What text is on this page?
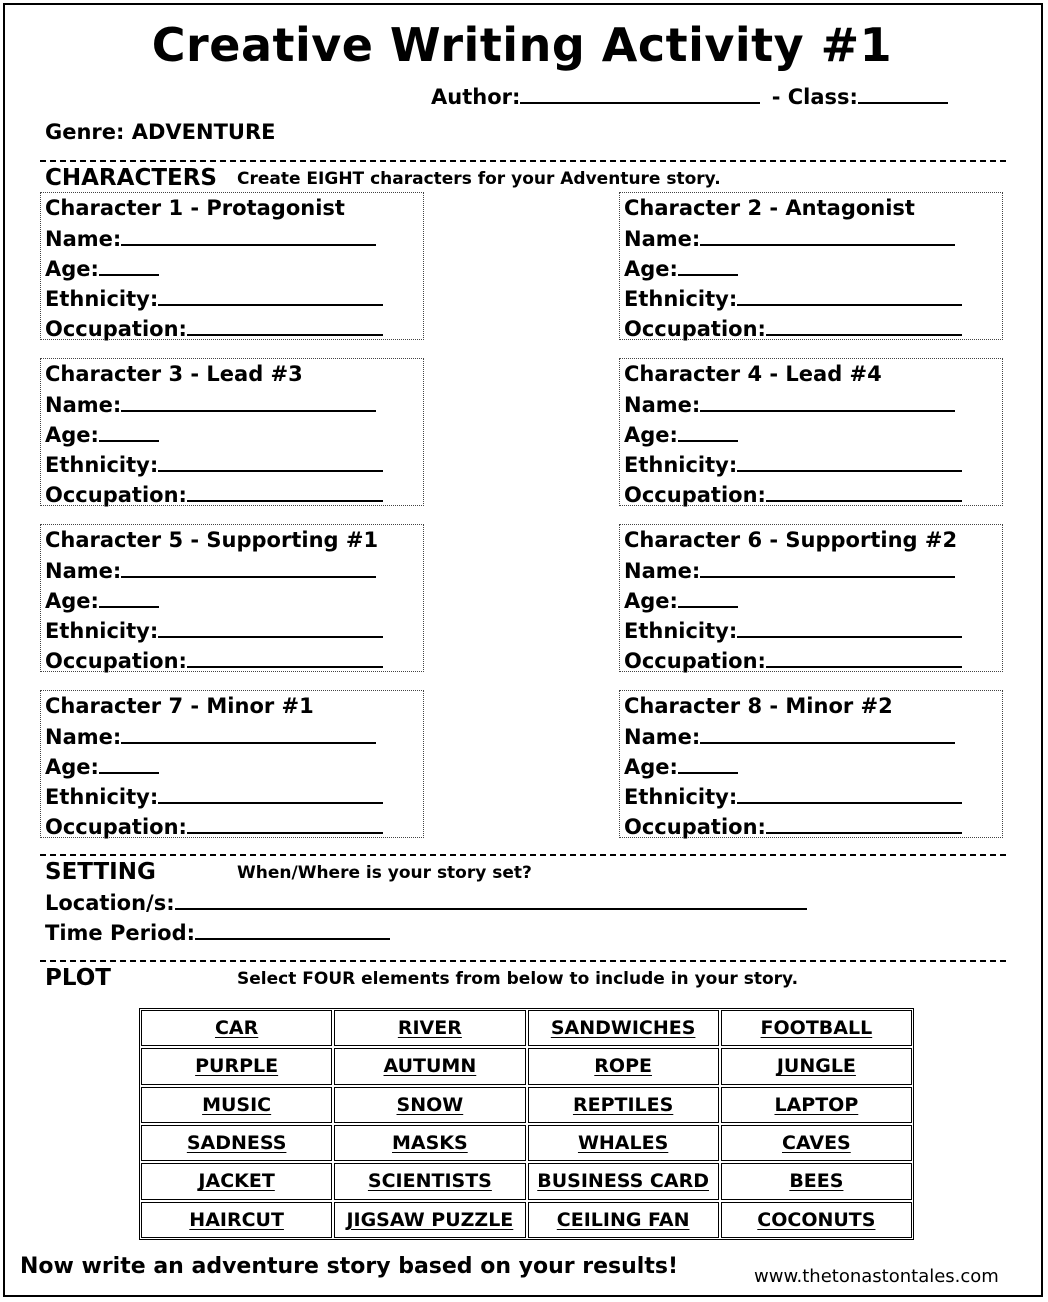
Creative Writing Activity #1
Author:	- Class:
Genre: ADVENTURE
CHARACTERS Create EIGHT characters for your Adventure story.
Character 1 - Protagonist
Name:
Age:
Ethnicity:
Occupation:
Character 2 - Antagonist
Name:
Age:
Ethnicity:
Occupation:
Character 3 - Lead #3
Name:
Age:
Ethnicity:
Occupation:
Character 4 - Lead #4
Name:
Age:
Ethnicity:
Occupation:
Character 5 - Supporting #1
Name:
Age:
Ethnicity:
Occupation:
Character 6 - Supporting #2
Name:
Age:
Ethnicity:
Occupation:
Character 7 - Minor #1
Name:
Age:
Ethnicity:
Occupation:
Character 8 - Minor #2
Name:
Age:
Ethnicity:
Occupation:
SETTING	When/Where is your story set?
Location/s:
Time Period:
PLOT	Select FOUR elements from below to include in your story.
CAR	RIVER	SANDWICHES	FOOTBALL
PURPLE	AUTUMN	ROPE	JUNGLE
MUSIC	SNOW	REPTILES	LAPTOP
SADNESS	MASKS	WHALES	CAVES
JACKET	SCIENTISTS	BUSINESS CARD	BEES
HAIRCUT	JIGSAW PUZZLE	CEILING FAN	COCONUTS
Now write an adventure story based on your results!	www.thetonastontales.com
